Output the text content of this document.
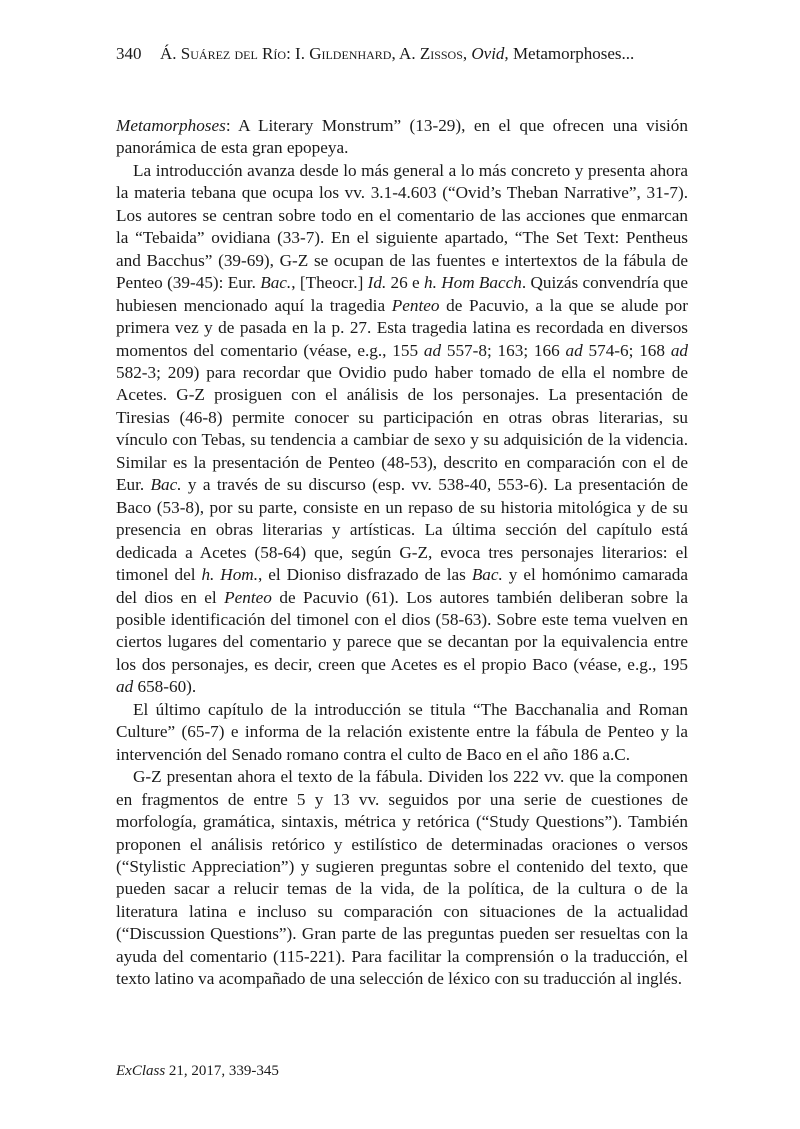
340 Á. Suárez del Río: I. Gildenhard, A. Zissos, Ovid, Metamorphoses...

Metamorphoses: A Literary Monstrum” (13-29), en el que ofrecen una visión panorámica de esta gran epopeya.

La introducción avanza desde lo más general a lo más concreto y presenta ahora la materia tebana que ocupa los vv. 3.1-4.603 (“Ovid’s Theban Narrative”, 31-7). Los autores se centran sobre todo en el comentario de las acciones que enmarcan la “Tebaida” ovidiana (33-7). En el siguiente apartado, “The Set Text: Pentheus and Bacchus” (39-69), G-Z se ocupan de las fuentes e intertextos de la fábula de Penteo (39-45): Eur. Bac., [Theocr.] Id. 26 e h. Hom Bacch. Quizás convendría que hubiesen mencionado aquí la tragedia Penteo de Pacuvio, a la que se alude por primera vez y de pasada en la p. 27. Esta tragedia latina es recordada en diversos momentos del comentario (véase, e.g., 155 ad 557-8; 163; 166 ad 574-6; 168 ad 582-3; 209) para recordar que Ovidio pudo haber tomado de ella el nombre de Acetes. G-Z prosiguen con el análisis de los personajes. La presentación de Tiresias (46-8) permite conocer su participación en otras obras literarias, su vínculo con Tebas, su tendencia a cambiar de sexo y su adquisición de la videncia. Similar es la presentación de Penteo (48-53), descrito en comparación con el de Eur. Bac. y a través de su discurso (esp. vv. 538-40, 553-6). La presentación de Baco (53-8), por su parte, consiste en un repaso de su historia mitológica y de su presencia en obras literarias y artísticas. La última sección del capítulo está dedicada a Acetes (58-64) que, según G-Z, evoca tres personajes literarios: el timonel del h. Hom., el Dioniso disfrazado de las Bac. y el homónimo camarada del dios en el Penteo de Pacuvio (61). Los autores también deliberan sobre la posible identificación del timonel con el dios (58-63). Sobre este tema vuelven en ciertos lugares del comentario y parece que se decantan por la equivalencia entre los dos personajes, es decir, creen que Acetes es el propio Baco (véase, e.g., 195 ad 658-60).

El último capítulo de la introducción se titula “The Bacchanalia and Roman Culture” (65-7) e informa de la relación existente entre la fábula de Penteo y la intervención del Senado romano contra el culto de Baco en el año 186 a.C.

G-Z presentan ahora el texto de la fábula. Dividen los 222 vv. que la componen en fragmentos de entre 5 y 13 vv. seguidos por una serie de cuestiones de morfología, gramática, sintaxis, métrica y retórica (“Study Questions”). También proponen el análisis retórico y estilístico de determinadas oraciones o versos (“Stylistic Appreciation”) y sugieren preguntas sobre el contenido del texto, que pueden sacar a relucir temas de la vida, de la política, de la cultura o de la literatura latina e incluso su comparación con situaciones de la actualidad (“Discussion Questions”). Gran parte de las preguntas pueden ser resueltas con la ayuda del comentario (115-221). Para facilitar la comprensión o la traducción, el texto latino va acompañado de una selección de léxico con su traducción al inglés.

ExClass 21, 2017, 339-345
